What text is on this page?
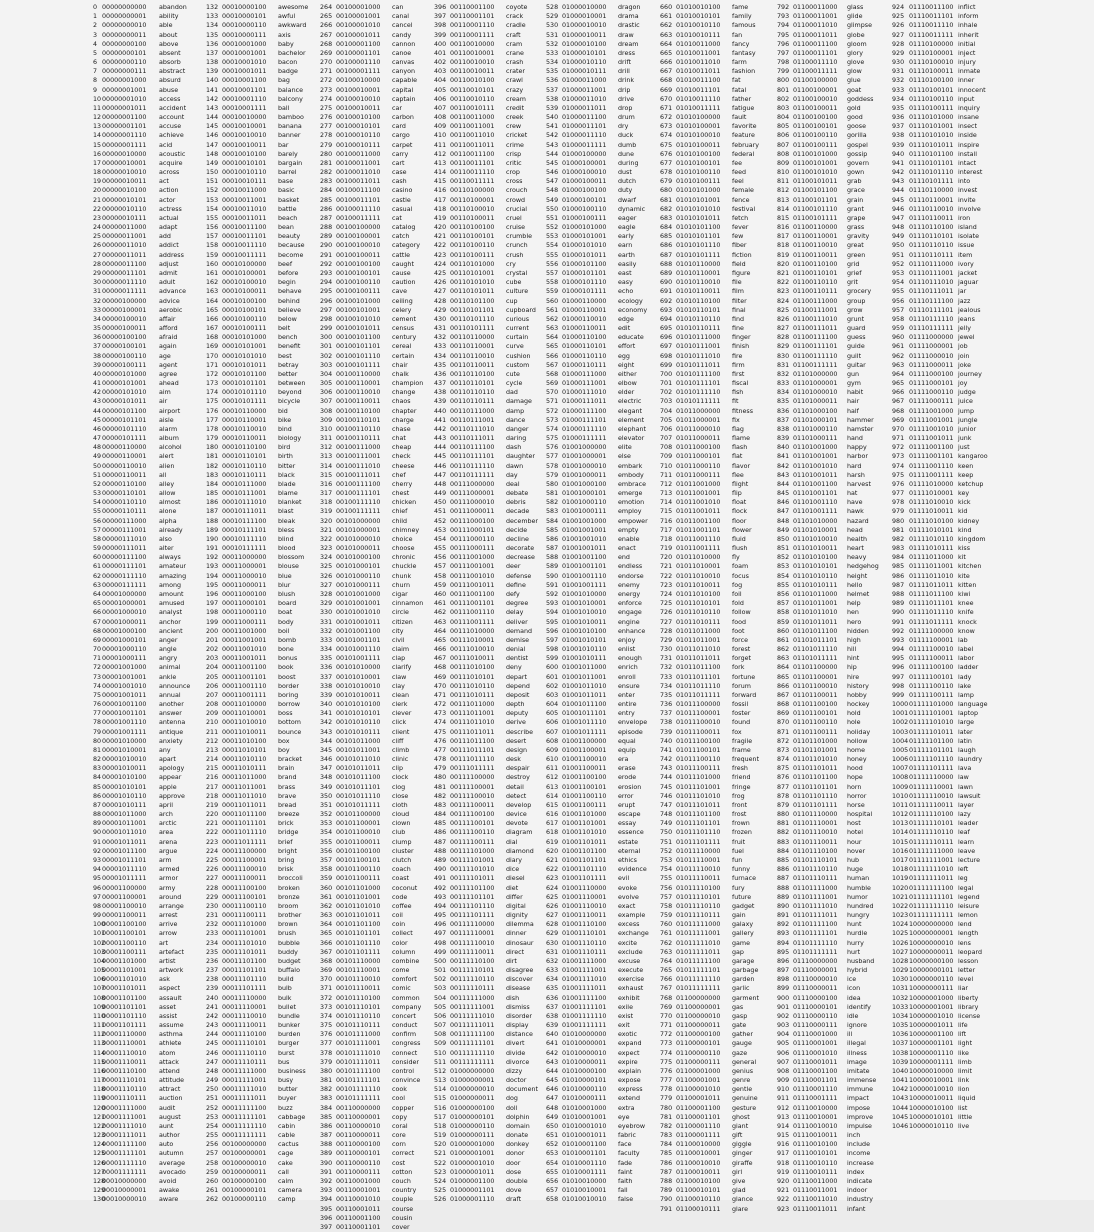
0 00000000000 abandon
1 00000000001 ability
2 00000000010 able
3 00000000011 about
4 00000000100 above
5 00000000101 absent
6 00000000110 absorb
7 00000000111 abstract
8 00000001000 absurd
9 00000001001 abuse
10 00000001010 access
11 00000001011 accident
12 00000001100 account
13 00000001101 accuse
14 00000001110 achieve
15 00000001111 acid
16 00000010000 acoustic
17 00000010001 acquire
18 00000010010 across
19 00000010011 act
20 00000010100 action
21 00000010101 actor
22 00000010110 actress
23 00000010111 actual
24 00000011000 adapt
25 00000011001 add
26 00000011010 addict
27 00000011011 address
28 00000011100 adjust
29 00000011101 admit
30 00000011110 adult
31 00000011111 advance
32 00000100000 advice
33 00000100001 aerobic
34 00000100010 affair
35 00000100011 afford
36 00000100100 afraid
37 00000100101 again
38 00000100110 age
39 00000100111 agent
40 00000101000 agree
41 00000101001 ahead
42 00000101010 aim
43 00000101011 air
44 00000101100 airport
45 00000101101 aisle
46 00000101110 alarm
47 00000101111 album
48 00000110000 alcohol
49 00000110001 alert
50 00000110010 alien
51 00000110011 all
52 00000110100 alley
53 00000110101 allow
54 00000110110 almost
55 00000110111 alone
56 00000111000 alpha
57 00000111001 already
58 00000111010 also
59 00000111011 alter
60 00000111100 always
61 00000111101 amateur
62 00000111110 amazing
63 00000111111 among
64 00001000000 amount
65 00001000001 amused
66 00001000010 analyst
67 00001000011 anchor
68 00001000100 ancient
69 00001000101 anger
70 00001000110 angle
71 00001000111 angry
72 00001001000 animal
73 00001001001 ankle
74 00001001010 announce
75 00001001011 annual
76 00001001100 another
77 00001001101 answer
78 00001001110 antenna
79 00001001111 antique
80 00001010000 anxiety
81 00001010001 any
82 00001010010 apart
83 00001010011 apology
84 00001010100 appear
85 00001010101 apple
86 00001010110 approve
87 00001010111 april
88 00001011000 arch
89 00001011001 arctic
90 00001011010 area
91 00001011011 arena
92 00001011100 argue
93 00001011101 arm
94 00001011110 armed
95 00001011111 armor
96 00001100000 army
97 00001100001 around
98 00001100010 arrange
99 00001100011 arrest
100
00001100100 arrive
101
00001100101 arrow
102
00001100110 art
103
00001100111 artefact
104
00001101000 artist
105
00001101001 artwork
106
00001101010 ask
107
00001101011 aspect
108
00001101100 assault
109
00001101101 asset
110
00001101110 assist
111
00001101111 assume
112
00001110000 asthma
113
00001110001 athlete
114
00001110010 atom
115
00001110011 attack
116
00001110100 attend
117
00001110101 attitude
118
00001110110 attract
119
00001110111 auction
120
00001111000 audit
121
00001111001 august
122
00001111010 aunt
123
00001111011 author
124
00001111100 auto
125
00001111101 autumn
126
00001111110 average
127
00001111111 avocado
128
00010000000 avoid
129
00010000001 awake
130
00010000010 aware
132 00010000100 awesome
133 00010000101 awful
134 00010000110 awkward
135 00010000111 axis
136 00010001000 baby
137 00010001001 bachelor
138 00010001010 bacon
139 00010001011 badge
140 00010001100 bag
141 00010001101 balance
142 00010001110 balcony
143 00010001111 ball
144 00010010000 bamboo
145 00010010001 banana
146 00010010010 banner
147 00010010011 bar
148 00010010100 barely
149 00010010101 bargain
150 00010010110 barrel
151 00010010111 base
152 00010011000 basic
153 00010011001 basket
154 00010011010 battle
155 00010011011 beach
156 00010011100 bean
157 00010011101 beauty
158 00010011110 because
159 00010011111 become
160 00010100000 beef
161 00010100001 before
162 00010100010 begin
163 00010100011 behave
164 00010100100 behind
165 00010100101 believe
166 00010100110 below
167 00010100111 belt
168 00010101000 bench
169 00010101001 benefit
170 00010101010 best
171 00010101011 betray
172 00010101100 better
173 00010101101 between
174 00010101110 beyond
175 00010101111 bicycle
176 00010110000 bid
177 00010110001 bike
178 00010110010 bind
179 00010110011 biology
180 00010110100 bird
181 00010110101 birth
182 00010110110 bitter
183 00010110111 black
184 00010111000 blade
185 00010111001 blame
186 00010111010 blanket
187 00010111011 blast
188 00010111100 bleak
189 00010111101 bless
190 00010111110 blind
191 00010111111 blood
192 00011000000 blossom
193 00011000001 blouse
194 00011000010 blue
195 00011000011 blur
196 00011000100 blush
197 00011000101 board
198 00011000110 boat
199 00011000111 body
200 00011001000 boil
201 00011001001 bomb
202 00011001010 bone
203 00011001011 bonus
204 00011001100 book
205 00011001101 boost
206 00011001110 border
207 00011001111 boring
208 00011010000 borrow
209 00011010001 boss
210 00011010010 bottom
211 00011010011 bounce
212 00011010100 box
213 00011010101 boy
214 00011010110 bracket
215 00011010111 brain
216 00011011000 brand
217 00011011001 brass
218 00011011010 brave
219 00011011011 bread
220 00011011100 breeze
221 00011011101 brick
222 00011011110 bridge
223 00011011111 brief
224 00011100000 bright
225 00011100001 bring
226 00011100010 brisk
227 00011100011 broccoli
228 00011100100 broken
229 00011100101 bronze
230 00011100110 broom
231 00011100111 brother
232 00011101000 brown
233 00011101001 brush
234 00011101010 bubble
235 00011101011 buddy
236 00011101100 budget
237 00011101101 buffalo
238 00011101110 build
239 00011101111 bulb
240 00011110000 bulk
241 00011110001 bullet
242 00011110010 bundle
243 00011110011 bunker
244 00011110100 burden
245 00011110101 burger
246 00011110110 burst
247 00011110111 bus
248 00011111000 business
249 00011111001 busy
250 00011111010 butter
251 00011111011 buyer
252 00011111100 buzz
253 00011111101 cabbage
254 00011111110 cabin
255 00011111111 cable
256 00100000000 cactus
257 00100000001 cage
258 00100000010 cake
259 00100000011 call
260 00100000100 calm
261 00100000101 camera
262 00100000110 camp
264 00100001000 can
265 00100001001 canal
266 00100001010 cancel
267 00100001011 candy
268 00100001100 cannon
269 00100001101 canoe
270 00100001110 canvas
271 00100001111 canyon
272 00100010000 capable
273 00100010001 capital
274 00100010010 captain
275 00100010011 car
276 00100010100 carbon
277 00100010101 card
278 00100010110 cargo
279 00100010111 carpet
280 00100011000 carry
281 00100011001 cart
282 00100011010 case
283 00100011011 cash
284 00100011100 casino
285 00100011101 castle
286 00100011110 casual
287 00100011111 cat
288 00100100000 catalog
289 00100100001 catch
290 00100100010 category
291 00100100011 cattle
292 00100100100 caught
293 00100100101 cause
294 00100100110 caution
295 00100100111 cave
296 00100101000 ceiling
297 00100101001 celery
298 00100101010 cement
299 00100101011 census
300 00100101100 century
301 00100101101 cereal
302 00100101110 certain
303 00100101111 chair
304 00100110000 chalk
305 00100110001 champion
306 00100110010 change
307 00100110011 chaos
308 00100110100 chapter
309 00100110101 charge
310 00100110110 chase
311 00100110111 chat
312 00100111000 cheap
313 00100111001 check
314 00100111010 cheese
315 00100111011 chef
316 00100111100 cherry
317 00100111101 chest
318 00100111110 chicken
319 00100111111 chief
320 00101000000 child
321 00101000001 chimney
322 00101000010 choice
323 00101000011 choose
324 00101000100 chronic
325 00101000101 chuckle
326 00101000110 chunk
327 00101000111 churn
328 00101001000 cigar
329 00101001001 cinnamon
330 00101001010 circle
331 00101001011 citizen
332 00101001100 city
333 00101001101 civil
334 00101001110 claim
335 00101001111 clap
336 00101010000 clarify
337 00101010001 claw
338 00101010010 clay
339 00101010011 clean
340 00101010100 clerk
341 00101010101 clever
342 00101010110 click
343 00101010111 client
344 00101011000 cliff
345 00101011001 climb
346 00101011010 clinic
347 00101011011 clip
348 00101011100 clock
349 00101011101 clog
350 00101011110 close
351 00101011111 cloth
352 00101100000 cloud
353 00101100001 clown
354 00101100010 club
355 00101100011 clump
356 00101100100 cluster
357 00101100101 clutch
358 00101100110 coach
359 00101100111 coast
360 00101101000 coconut
361 00101101001 code
362 00101101010 coffee
363 00101101011 coil
364 00101101100 coin
365 00101101101 collect
366 00101101110 color
367 00101101111 column
368 00101110000 combine
369 00101110001 come
370 00101110010 comfort
371 00101110011 comic
372 00101110100 common
373 00101110101 company
374 00101110110 concert
375 00101110111 conduct
376 00101111000 confirm
377 00101111001 congress
378 00101111010 connect
379 00101111011 consider
380 00101111100 control
381 00101111101 convince
382 00101111110 cook
383 00101111111 cool
384 00110000000 copper
385 00110000001 copy
386 00110000010 coral
387 00110000011 core
388 00110000100 corn
389 00110000101 correct
390 00110000110 cost
391 00110000111 cotton
392 00110001000 couch
393 00110001001 country
394 00110001010 couple
395 00110001011 course
396 00110001100 cousin
397 00110001101 cover
396 00110001100 coyote
397 00110001101 crack
398 00110001110 cradle
399 00110001111 craft
400 00110010000 cram
401 00110010001 crane
402 00110010010 crash
403 00110010011 crater
404 00110010100 crawl
405 00110010101 crazy
406 00110010110 cream
407 00110010111 credit
408 00110011000 creek
409 00110011001 crew
410 00110011010 cricket
411 00110011011 crime
412 00110011100 crisp
413 00110011101 critic
414 00110011110 crop
415 00110011111 cross
416 00110100000 crouch
417 00110100001 crowd
418 00110100010 crucial
419 00110100011 cruel
420 00110100100 cruise
421 00110100101 crumble
422 00110100110 crunch
423 00110100111 crush
424 00110101000 cry
425 00110101001 crystal
426 00110101010 cube
427 00110101011 culture
428 00110101100 cup
429 00110101101 cupboard
430 00110101110 curious
431 00110101111 current
432 00110110000 curtain
433 00110110001 curve
434 00110110010 cushion
435 00110110011 custom
436 00110110100 cute
437 00110110101 cycle
438 00110110110 dad
439 00110110111 damage
440 00110111000 damp
441 00110111001 dance
442 00110111010 danger
443 00110111011 daring
444 00110111100 dash
445 00110111101 daughter
446 00110111110 dawn
447 00110111111 day
448 00111000000 deal
449 00111000001 debate
450 00111000010 debris
451 00111000011 decade
452 00111000100 december
453 00111000101 decide
454 00111000110 decline
455 00111000111 decorate
456 00111001000 decrease
457 00111001001 deer
458 00111001010 defense
459 00111001011 define
460 00111001100 defy
461 00111001101 degree
462 00111001110 delay
463 00111001111 deliver
464 00111010000 demand
465 00111010001 demise
466 00111010010 denial
467 00111010011 dentist
468 00111010100 deny
469 00111010101 depart
470 00111010110 depend
471 00111010111 deposit
472 00111011000 depth
473 00111011001 deputy
474 00111011010 derive
475 00111011011 describe
476 00111011100 desert
477 00111011101 design
478 00111011110 desk
479 00111011111 despair
480 00111100000 destroy
481 00111100001 detail
482 00111100010 detect
483 00111100011 develop
484 00111100100 device
485 00111100101 devote
486 00111100110 diagram
487 00111100111 dial
488 00111101000 diamond
489 00111101001 diary
490 00111101010 dice
491 00111101011 diesel
492 00111101100 diet
493 00111101101 differ
494 00111101110 digital
495 00111101111 dignity
496 00111110000 dilemma
497 00111110001 dinner
498 00111110010 dinosaur
499 00111110011 direct
500 00111110100 dirt
501 00111110101 disagree
502 00111110110 discover
503 00111110111 disease
504 00111111000 dish
505 00111111001 dismiss
506 00111111010 disorder
507 00111111011 display
508 00111111100 distance
509 00111111101 divert
510 00111111110 divide
511 00111111111 divorce
512 01000000000 dizzy
513 01000000001 doctor
514 01000000010 document
515 01000000011 dog
516 01000000100 doll
517 01000000101 dolphin
518 01000000110 domain
519 01000000111 donate
520 01000001000 donkey
521 01000001001 donor
522 01000001010 door
523 01000001011 dose
524 01000001100 double
525 01000001101 dove
526 01000001110 draft
528 01000010000 dragon
529 01000010001 drama
530 01000010010 drastic
531 01000010011 draw
532 01000010100 dream
533 01000010101 dress
534 01000010110 drift
535 01000010111 drill
536 01000011000 drink
537 01000011001 drip
538 01000011010 drive
539 01000011011 drop
540 01000011100 drum
541 01000011101 dry
542 01000011110 duck
543 01000011111 dumb
544 01000100000 dune
545 01000100001 during
546 01000100010 dust
547 01000100011 dutch
548 01000100100 duty
549 01000100101 dwarf
550 01000100110 dynamic
551 01000100111 eager
552 01000101000 eagle
553 01000101001 early
554 01000101010 earn
555 01000101011 earth
556 01000101100 easily
557 01000101101 east
558 01000101110 easy
559 01000101111 echo
560 01000110000 ecology
561 01000110001 economy
562 01000110010 edge
563 01000110011 edit
564 01000110100 educate
565 01000110101 effort
566 01000110110 egg
567 01000110111 eight
568 01000111000 either
569 01000111001 elbow
570 01000111010 elder
571 01000111011 electric
572 01000111100 elegant
573 01000111101 element
574 01000111110 elephant
575 01000111111 elevator
576 01001000000 elite
577 01001000001 else
578 01001000010 embark
579 01001000011 embody
580 01001000100 embrace
581 01001000101 emerge
582 01001000110 emotion
583 01001000111 employ
584 01001001000 empower
585 01001001001 empty
586 01001001010 enable
587 01001001011 enact
588 01001001100 end
589 01001001101 endless
590 01001001110 endorse
591 01001001111 enemy
592 01001010000 energy
593 01001010001 enforce
594 01001010010 engage
595 01001010011 engine
596 01001010100 enhance
597 01001010101 enjoy
598 01001010110 enlist
599 01001010111 enough
600 01001011000 enrich
601 01001011001 enroll
602 01001011010 ensure
603 01001011011 enter
604 01001011100 entire
605 01001011101 entry
606 01001011110 envelope
607 01001011111 episode
608 01001100000 equal
609 01001100001 equip
610 01001100010 era
611 01001100011 erase
612 01001100100 erode
613 01001100101 erosion
614 01001100110 error
615 01001100111 erupt
616 01001101000 escape
617 01001101001 essay
618 01001101010 essence
619 01001101011 estate
620 01001101100 eternal
621 01001101101 ethics
622 01001101110 evidence
623 01001101111 evil
624 01001110000 evoke
625 01001110001 evolve
626 01001110010 exact
627 01001110011 example
628 01001110100 excess
629 01001110101 exchange
630 01001110110 excite
631 01001110111 exclude
632 01001111000 excuse
633 01001111001 execute
634 01001111010 exercise
635 01001111011 exhaust
636 01001111100 exhibit
637 01001111101 exile
638 01001111110 exist
639 01001111111 exit
640 01010000000 exotic
641 01010000001 expand
642 01010000010 expect
643 01010000011 expire
644 01010000100 explain
645 01010000101 expose
646 01010000110 express
647 01010000111 extend
648 01010001000 extra
649 01010001001 eye
650 01010001010 eyebrow
651 01010001011 fabric
652 01010001100 face
653 01010001101 faculty
654 01010001110 fade
655 01010001111 faint
656 01010010000 faith
657 01010010001 fall
658 01010010010 false
660 01010010100 fame
661 01010010101 family
662 01010010110 famous
663 01010010111 fan
664 01010011000 fancy
665 01010011001 fantasy
666 01010011010 farm
667 01010011011 fashion
668 01010011100 fat
669 01010011101 fatal
670 01010011110 father
671 01010011111 fatigue
672 01010100000 fault
673 01010100001 favorite
674 01010100010 feature
675 01010100011 february
676 01010100100 federal
677 01010100101 fee
678 01010100110 feed
679 01010100111 feel
680 01010101000 female
681 01010101001 fence
682 01010101010 festival
683 01010101011 fetch
684 01010101100 fever
685 01010101101 few
686 01010101110 fiber
687 01010101111 fiction
688 01010110000 field
689 01010110001 figure
690 01010110010 file
691 01010110011 film
692 01010110100 filter
693 01010110101 final
694 01010110110 find
695 01010110111 fine
696 01010111000 finger
697 01010111001 finish
698 01010111010 fire
699 01010111011 firm
700 01010111100 first
701 01010111101 fiscal
702 01010111110 fish
703 01010111111 fit
704 01011000000 fitness
705 01011000001 fix
706 01011000010 flag
707 01011000011 flame
708 01011000100 flash
709 01011000101 flat
710 01011000110 flavor
711 01011000111 flee
712 01011001000 flight
713 01011001001 flip
714 01011001010 float
715 01011001011 flock
716 01011001100 floor
717 01011001101 flower
718 01011001110 fluid
719 01011001111 flush
720 01011010000 fly
721 01011010001 foam
722 01011010010 focus
723 01011010011 fog
724 01011010100 foil
725 01011010101 fold
726 01011010110 follow
727 01011010111 food
728 01011011000 foot
729 01011011001 force
730 01011011010 forest
731 01011011011 forget
732 01011011100 fork
733 01011011101 fortune
734 01011011110 forum
735 01011011111 forward
736 01011100000 fossil
737 01011100001 foster
738 01011100010 found
739 01011100011 fox
740 01011100100 fragile
741 01011100101 frame
742 01011100110 frequent
743 01011100111 fresh
744 01011101000 friend
745 01011101001 fringe
746 01011101010 frog
747 01011101011 front
748 01011101100 frost
749 01011101101 frown
750 01011101110 frozen
751 01011101111 fruit
752 01011110000 fuel
753 01011110001 fun
754 01011110010 funny
755 01011110011 furnace
756 01011110100 fury
757 01011110101 future
758 01011110110 gadget
759 01011110111 gain
760 01011111000 galaxy
761 01011111001 gallery
762 01011111010 game
763 01011111011 gap
764 01011111100 garage
765 01011111101 garbage
766 01011111110 garden
767 01011111111 garlic
768 01100000000 garment
769 01100000001 gas
770 01100000010 gasp
771 01100000011 gate
772 01100000100 gather
773 01100000101 gauge
774 01100000110 gaze
775 01100000111 general
776 01100001000 genius
777 01100001001 genre
778 01100001010 gentle
779 01100001011 genuine
780 01100001100 gesture
781 01100001101 ghost
782 01100001110 giant
783 01100001111 gift
784 01100010000 giggle
785 01100010001 ginger
786 01100010010 giraffe
787 01100010011 girl
788 01100010100 give
789 01100010101 glad
790 01100010110 glance
791 01100010111 glare
792 01100011000 glass
793 01100011001 glide
794 01100011010 glimpse
795 01100011011 globe
796 01100011100 gloom
797 01100011101 glory
798 01100011110 glove
799 01100011111 glow
800 01100100000 glue
801 01100100001 goat
802 01100100010 goddess
803 01100100011 gold
804 01100100100 good
805 01100100101 goose
806 01100100110 gorilla
807 01100100111 gospel
808 01100101000 gossip
809 01100101001 govern
810 01100101010 gown
811 01100101011 grab
812 01100101100 grace
813 01100101101 grain
814 01100101110 grant
815 01100101111 grape
816 01100110000 grass
817 01100110001 gravity
818 01100110010 great
819 01100110011 green
820 01100110100 grid
821 01100110101 grief
822 01100110110 grit
823 01100110111 grocery
824 01100111000 group
825 01100111001 grow
826 01100111010 grunt
827 01100111011 guard
828 01100111100 guess
829 01100111101 guide
830 01100111110 guilt
831 01100111111 guitar
832 01101000000 gun
833 01101000001 gym
834 01101000010 habit
835 01101000011 hair
836 01101000100 half
837 01101000101 hammer
838 01101000110 hamster
839 01101000111 hand
840 01101001000 happy
841 01101001001 harbor
842 01101001010 hard
843 01101001011 harsh
844 01101001100 harvest
845 01101001101 hat
846 01101001110 have
847 01101001111 hawk
848 01101010000 hazard
849 01101010001 head
850 01101010010 health
851 01101010011 heart
852 01101010100 heavy
853 01101010101 hedgehog
854 01101010110 height
855 01101010111 hello
856 01101011000 helmet
857 01101011001 help
858 01101011010 hen
859 01101011011 hero
860 01101011100 hidden
861 01101011101 high
862 01101011110 hill
863 01101011111 hint
864 01101100000 hip
865 01101100001 hire
866 01101100010 history
867 01101100011 hobby
868 01101100100 hockey
869 01101100101 hold
870 01101100110 hole
871 01101100111 holiday
872 01101101000 hollow
873 01101101001 home
874 01101101010 honey
875 01101101011 hood
876 01101101100 hope
877 01101101101 horn
878 01101101110 horror
879 01101101111 horse
880 01101110000 hospital
881 01101110001 host
882 01101110010 hotel
883 01101110011 hour
884 01101110100 hover
885 01101110101 hub
886 01101110110 huge
887 01101110111 human
888 01101111000 humble
889 01101111001 humor
890 01101111010 hundred
891 01101111011 hungry
892 01101111100 hunt
893 01101111101 hurdle
894 01101111110 hurry
895 01101111111 hurt
896 01110000000 husband
897 01110000001 hybrid
898 01110000010 ice
899 01110000011 icon
900 01110000100 idea
901 01110000101 identify
902 01110000110 idle
903 01110000111 ignore
904 01110001000 ill
905 01110001001 illegal
906 01110001010 illness
907 01110001011 image
908 01110001100 imitate
909 01110001101 immense
910 01110001110 immune
911 01110001111 impact
912 01110010000 impose
913 01110010001 improve
914 01110010010 impulse
915 01110010011 inch
916 01110010100 include
917 01110010101 income
918 01110010110 increase
919 01110010111 index
920 01110011000 indicate
921 01110011001 indoor
922 01110011010 industry
923 01110011011 infant
924 01110011100 inflict
925 01110011101 inform
926 01110011110 inhale
927 01110011111 inherit
928 01110100000 initial
929 01110100001 inject
930 01110100010 injury
931 01110100011 inmate
932 01110100100 inner
933 01110100101 innocent
934 01110100110 input
935 01110100111 inquiry
936 01110101000 insane
937 01110101001 insect
938 01110101010 inside
939 01110101011 inspire
940 01110101100 install
941 01110101101 intact
942 01110101110 interest
943 01110101111 into
944 01110110000 invest
945 01110110001 invite
946 01110110010 involve
947 01110110011 iron
948 01110110100 island
949 01110110101 isolate
950 01110110110 issue
951 01110110111 item
952 01110111000 ivory
953 01110111001 jacket
954 01110111010 jaguar
955 01110111011 jar
956 01110111100 jazz
957 01110111101 jealous
958 01110111110 jeans
959 01110111111 jelly
960 01111000000 jewel
961 01111000001 job
962 01111000010 join
963 01111000011 joke
964 01111000100 journey
965 01111000101 joy
966 01111000110 judge
967 01111000111 juice
968 01111001000 jump
969 01111001001 jungle
970 01111001010 junior
971 01111001011 junk
972 01111001100 just
973 01111001101 kangaroo
974 01111001110 keen
975 01111001111 keep
976 01111010000 ketchup
977 01111010001 key
978 01111010010 kick
979 01111010011 kid
980 01111010100 kidney
981 01111010101 kind
982 01111010110 kingdom
983 01111010111 kiss
984 01111011000 kit
985 01111011001 kitchen
986 01111011010 kite
987 01111011011 kitten
988 01111011100 kiwi
989 01111011101 knee
990 01111011110 knife
991 01111011111 knock
992 01111100000 know
993 01111100001 lab
994 01111100010 label
995 01111100011 labor
996 01111100100 ladder
997 01111100101 lady
998 01111100110 lake
999 01111100111 lamp
1000 01111101000 language
1001 01111101001 laptop
1002 01111101010 large
1003 01111101011 later
1004 01111101100 latin
1005 01111101101 laugh
1006 01111101110 laundry
1007 01111101111 lava
1008 01111110000 law
1009 01111110001 lawn
1010 01111110010 lawsuit
1011 01111110011 layer
1012 01111110100 lazy
1013 01111110101 leader
1014 01111110110 leaf
1015 01111110111 learn
1016 01111111000 leave
1017 01111111001 lecture
1018 01111111010 left
1019 01111111011 leg
1020 01111111100 legal
1021 01111111101 legend
1022 01111111110 leisure
1023 01111111111 lemon
1024 10000000000 lend
1025 10000000001 length
1026 10000000010 lens
1027 10000000011 leopard
1028 10000000100 lesson
1029 10000000101 letter
1030 10000000110 level
1031 10000000111 liar
1032 10000001000 liberty
1033 10000001001 library
1034 10000001010 license
1035 10000001011 life
1036 10000001100 lift
1037 10000001101 light
1038 10000001110 like
1039 10000001111 limb
1040 10000010000 limit
1041 10000010001 link
1042 10000010010 lion
1043 10000010011 liquid
1044 10000010100 list
1045 10000010101 little
1046 10000010110 live
